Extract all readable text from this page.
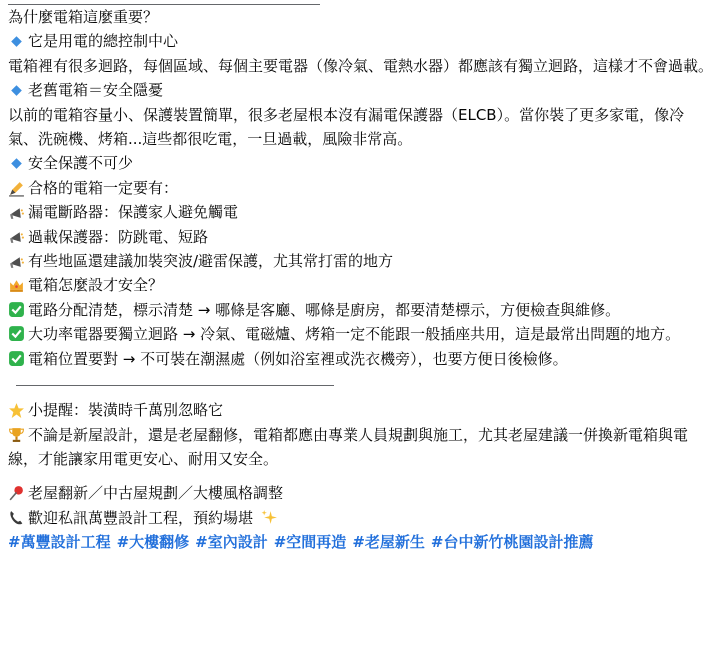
為什麼電箱這麼重要？
它是用電的總控制中心

電箱裡有很多迴路，每個區域、每個主要電器（像冷氣、電熱水器）都應該有獨立迴路，這樣才不會過載。

老舊電箱＝安全隱憂

以前的電箱容量小、保護裝置簡單，很多老屋根本沒有漏電保護器（ELCB）。當你裝了更多家電，像冷氣、洗碗機、烤箱...這些都很吃電，一旦過載，風險非常高。

安全保護不可少
合格的電箱一定要有：
漏電斷路器：保護家人避免觸電
過載保護器：防跳電、短路
有些地區還建議加裝突波/避雷保護，尤其常打雷的地方
電箱怎麼設才安全？

電路分配清楚，標示清楚 → 哪條是客廳、哪條是廚房，都要清楚標示，方便檢查與維修。

大功率電器要獨立迴路 → 冷氣、電磁爐、烤箱一定不能跟一般插座共用，這是最常出問題的地方。

電箱位置要對 → 不可裝在潮濕處（例如浴室裡或洗衣機旁），也要方便日後檢修。

小提醒：裝潢時千萬別忽略它

不論是新屋設計，還是老屋翻修，電箱都應由專業人員規劃與施工，尤其老屋建議一併換新電箱與電線，才能讓家用電更安心、耐用又安全。

老屋翻新／中古屋規劃／大樓風格調整
歡迎私訊萬豐設計工程，預約場堪
#萬豐設計工程 #大樓翻修 #室內設計 #空間再造 #老屋新生 #台中新竹桃園設計推薦
